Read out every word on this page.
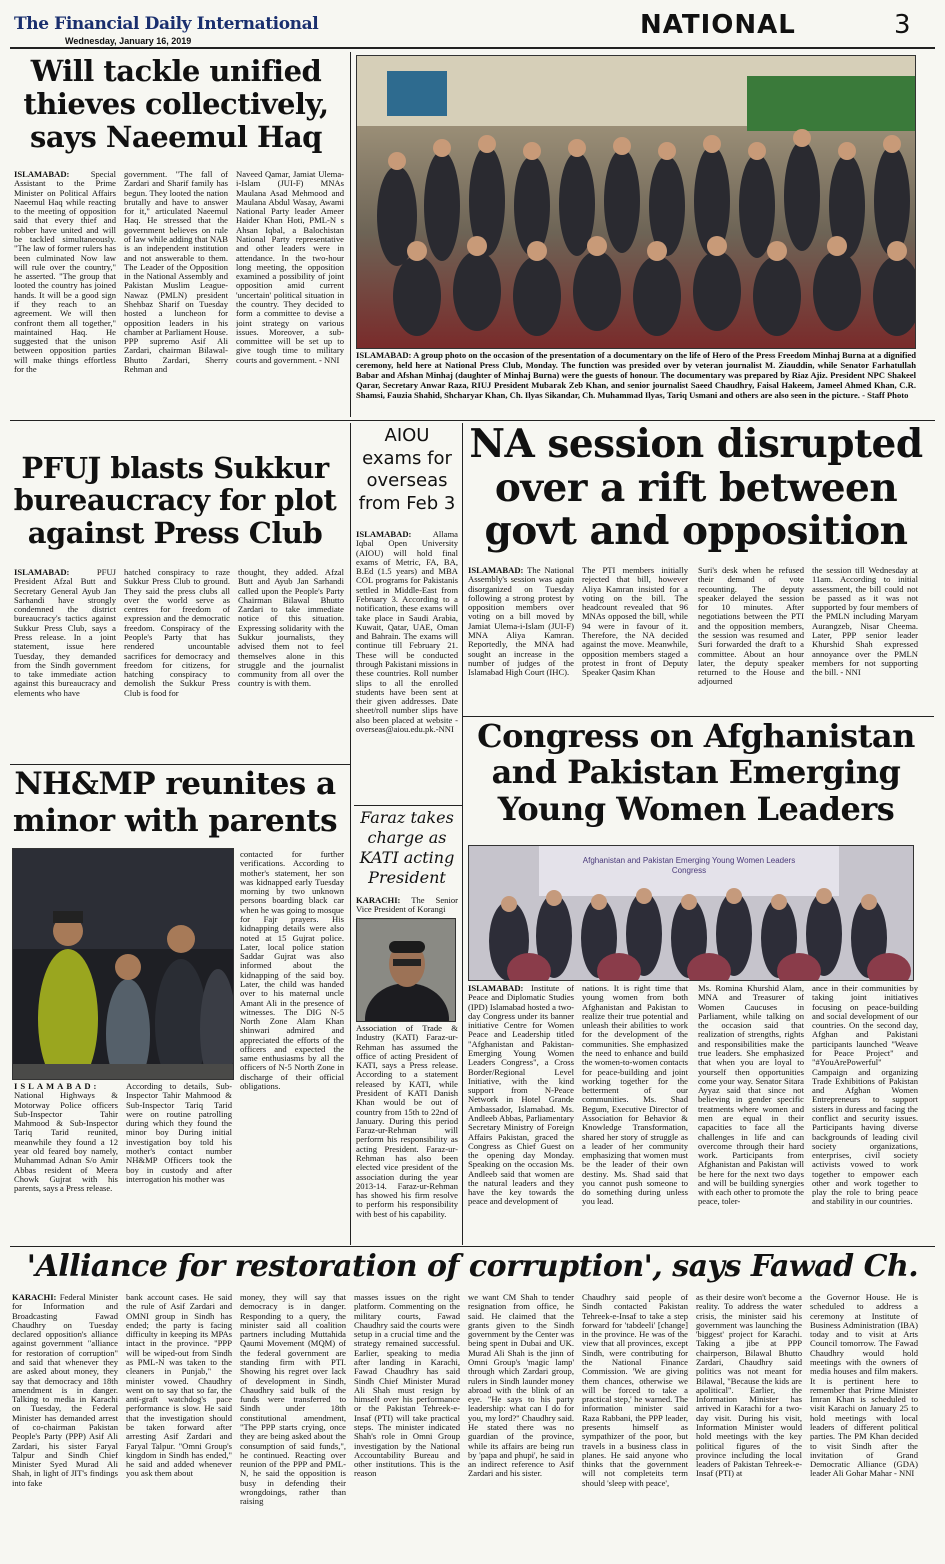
The Financial Daily International
Wednesday, January 16, 2019
NATIONAL	3
Will tackle unified thieves collectively, says Naeemul Haq
ISLAMABAD: Special Assistant to the Prime Minister on Political Affairs Naeemul Haq while reacting to the meeting of opposition said that every thief and robber have united and will be tackled simultaneously. "The law of former rulers has been culminated Now law will rule over the country," he asserted. "The group that looted the country has joined hands. It will be a good sign if they reach to an agreement. We will then confront them all together," maintained Haq. He suggested that the unison between opposition parties will make things effortless for the
government. "The fall of Zardari and Sharif family has begun. They looted the nation brutally and have to answer for it," articulated Naeemul Haq. He stressed that the government believes on rule of law while adding that NAB is an independent institution and not answerable to them. The Leader of the Opposition in the National Assembly and Pakistan Muslim League-Nawaz (PMLN) president Shehbaz Sharif on Tuesday hosted a luncheon for opposition leaders in his chamber at Parliament House. PPP supremo Asif Ali Zardari, chairman Bilawal-Bhutto Zardari, Sherry Rehman and
Naveed Qamar, Jamiat Ulema-i-Islam (JUI-F) MNAs Maulana Asad Mehmood and Maulana Abdul Wasay, Awami National Party leader Ameer Haider Khan Hoti, PML-N s Ahsan Iqbal, a Balochistan National Party representative and other leaders were in attendance. In the two-hour long meeting, the opposition examined a possibility of joint opposition amid current 'uncertain' political situation in the country. They decided to form a committee to devise a joint strategy on various issues. Moreover, a sub-committee will be set up to give tough time to military courts and government. - NNI	ISLAMABAD: A group photo on the occasion of the presentation of a documentary on the life of Hero of the Press Freedom Minhaj Burna at a dignified ceremony, held here at National Press Club, Monday. The function was presided over by veteran journalist M. Ziauddin, while Senator Farhatullah Babar and Afshan Minhaj (daughter of Minhaj Burna) were the guests of honour. The documentary was prepared by Riaz Ajiz. President NPC Shakeel Qarar, Secretary Anwar Raza, RIUJ President Mubarak Zeb Khan, and senior journalist Saeed Chaudhry, Faisal Hakeem, Jameel Ahmed Khan, C.R. Shamsi, Fauzia Shahid, Shcharyar Khan, Ch. Ilyas Sikandar, Ch. Muhammad Ilyas, Tariq Usmani and others are also seen in the picture. - Staff Photo
PFUJ blasts Sukkur bureaucracy for plot against Press Club
ISLAMABAD: PFUJ President Afzal Butt and Secretary General Ayub Jan Sarhandi have strongly condemned the district bureaucracy's tactics against Sukkur Press Club, says a Press release. In a joint statement, issue here Tuesday, they demanded from the Sindh government to take immediate action against this bureaucracy and elements who have
hatched conspiracy to raze Sukkur Press Club to ground. They said the press clubs all over the world serve as centres for freedom of expression and the democratic freedom. Conspiracy of the People's Party that has rendered uncountable sacrifices for democracy and freedom for citizens, for hatching conspiracy to demolish the Sukkur Press Club is food for
thought, they added. Afzal Butt and Ayub Jan Sarhandi called upon the People's Party Chairman Bilawal Bhutto Zardari to take immediate notice of this situation. Expressing solidarity with the Sukkur journalists, they advised them not to feel themselves alone in this struggle and the journalist community from all over the country is with them.
AIOU exams for overseas from Feb 3
ISLAMABAD: Allama Iqbal Open University (AIOU) will hold final exams of Metric, FA, BA, B.Ed (1.5 years) and MBA COL programs for Pakistanis settled in Middle-East from February 3. According to a notification, these exams will take place in Saudi Arabia, Kuwait, Qatar, UAE, Oman and Bahrain. The exams will continue till February 21. These will be conducted through Pakistani missions in these countries. Roll number slips to all the enrolled students have been sent at their given addresses. Date sheet/roll number slips have also been placed at website - overseas@aiou.edu.pk.-NNI
NA session disrupted over a rift between govt and opposition
ISLAMABAD: The National Assembly's session was again disorganized on Tuesday following a strong protest by opposition members over voting on a bill moved by Jamiat Ulema-i-Islam (JUI-F) MNA Aliya Kamran. Reportedly, the MNA had sought an increase in the number of judges of the Islamabad High Court (IHC).
The PTI members initially rejected that bill, however Aliya Kamran insisted for a voting on the bill. The headcount revealed that 96 MNAs opposed the bill, while 94 were in favour of it. Therefore, the NA decided against the move. Meanwhile, opposition members staged a protest in front of Deputy Speaker Qasim Khan
Suri's desk when he refused their demand of vote recounting. The deputy speaker delayed the session for 10 minutes. After negotiations between the PTI and the opposition members, the session was resumed and Suri forwarded the draft to a committee. About an hour later, the deputy speaker returned to the House and adjourned
the session till Wednesday at 11am. According to initial assessment, the bill could not be passed as it was not supported by four members of the PMLN including Maryam Aurangzeb, Nisar Cheema. Later, PPP senior leader Khurshid Shah expressed annoyance over the PMLN members for not supporting the bill. - NNI
NH&MP reunites a minor with parents
ISLAMABAD: National Highways & Motorway Police officers Sub-Inspector Tahir Mahmood & Sub-Inspector Tariq Tarid reunited, meanwhile they found a 12 year old feared boy namely, Muhammad Adnan S/o Amir Abbas resident of Meera Chowk Gujrat with his parents, says a Press release.
According to details, Sub-Inspector Tahir Mahmood & Sub-Inspector Tariq Tarid were on routine patrolling during which they found the minor boy During initial investigation boy told his mother's contact number NH&MP Officers took the boy in custody and after interrogation his mother was
contacted for further verifications. According to mother's statement, her son was kidnapped early Tuesday morning by two unknown persons boarding black car when he was going to mosque for Fajr prayers. His kidnapping details were also noted at 15 Gujrat police. Later, local police station Saddar Gujrat was also informed about the kidnapping of the said boy. Later, the child was handed over to his maternal uncle Amant Ali in the presence of witnesses. The DIG N-5 North Zone Alam Khan shinwari admired and appreciated the efforts of the officers and expected the same enthusiasms by all the officers of N-5 North Zone in discharge of their official obligations.
Faraz takes charge as KATI acting President
KARACHI: The Senior Vice President of Korangi
Association of Trade & Industry (KATI) Faraz-ur-Rehman has assumed the office of acting President of KATI, says a Press release. According to a statement released by KATI, while President of KATI Danish Khan would be out of country from 15th to 22nd of January. During this period Faraz-ur-Rehman will perform his responsibility as acting President. Faraz-ur-Rehman has also been elected vice president of the association during the year 2013-14. Faraz-ur-Rehman has showed his firm resolve to perform his responsibility with best of his capability.
Congress on Afghanistan and Pakistan Emerging Young Women Leaders
Afghanistan and Pakistan Emerging Young Women Leaders Congress
ISLAMABAD: Institute of Peace and Diplomatic Studies (IPD) Islamabad hosted a two-day Congress under its banner initiative Centre for Women Peace and Leadership titled "Afghanistan and Pakistan-Emerging Young Women Leaders Congress", a Cross Border/Regional Level Initiative, with the kind support from N-Peace Network in Hotel Grande Ambassador, Islamabad. Ms. Andleeb Abbas, Parliamentary Secretary Ministry of Foreign Affairs Pakistan, graced the Congress as Chief Guest on the opening day Monday. Speaking on the occasion Ms. Andleeb said that women are the natural leaders and they have the key towards the peace and development of
nations. It is right time that young women from both Afghanistan and Pakistan to realize their true potential and unleash their abilities to work for the development of the communities. She emphasized the need to enhance and build the women-to-women contacts for peace-building and joint working together for the betterment of our communities. Ms. Shad Begum, Executive Director of Association for Behavior & Knowledge Transformation, shared her story of struggle as a leader of her community emphasizing that women must be the leader of their own destiny. Ms. Shad said that you cannot push someone to do something during unless you lead.
Ms. Romina Khurshid Alam, MNA and Treasurer of Women Caucuses in Parliament, while talking on the occasion said that realization of strengths, rights and responsibilities make the true leaders. She emphasized that when you are loyal to yourself then opportunities come your way. Senator Sitara Ayyaz said that since not believing in gender specific treatments where women and men are equal in their capacities to face all the challenges in life and can overcome through their hard work. Participants from Afghanistan and Pakistan will be here for the next two days and will be building synergies with each other to promote the peace, toler-
ance in their communities by taking joint initiatives focusing on peace-building and social development of our countries. On the second day, Afghan and Pakistani participants launched "Weave for Peace Project" and "#YouArePowerful" Campaign and organizing Trade Exhibitions of Pakistan and Afghan Women Entrepreneurs to support sisters in duress and facing the conflict and security issues. Participants having diverse backgrounds of leading civil society organizations, enterprises, civil society activists vowed to work together to empower each other and work together to play the role to bring peace and stability in our countries.
'Alliance for restoration of corruption', says Fawad Ch.
KARACHI: Federal Minister for Information and Broadcasting Fawad Chaudhry on Tuesday declared opposition's alliance against government "alliance for restoration of corruption" and said that whenever they are asked about money, they say that democracy and 18th amendment is in danger. Talking to media in Karachi on Tuesday, the Federal Minister has demanded arrest of co-chairman Pakistan People's Party (PPP) Asif Ali Zardari, his sister Faryal Talpur and Sindh Chief Minister Syed Murad Ali Shah, in light of JIT's findings into fake
bank account cases. He said the rule of Asif Zardari and OMNI group in Sindh has ended; the party is facing difficulty in keeping its MPAs intact in the province. "PPP will be wiped-out from Sindh as PML-N was taken to the cleaners in Punjab," the minister vowed. Chaudhry went on to say that so far, the anti-graft watchdog's pace performance is slow. He said that the investigation should be taken forward after arresting Asif Zardari and Faryal Talpur. "Omni Group's kingdom in Sindh has ended," he said and added whenever you ask them about
money, they will say that democracy is in danger. Responding to a query, the minister said all coalition partners including Muttahida Qaumi Movement (MQM) of the federal government are standing firm with PTI. Showing his regret over lack of development in Sindh, Chaudhry said bulk of the funds were transferred to Sindh under 18th constitutional amendment, "The PPP starts crying, once they are being asked about the consumption of said funds,", he continued. Reacting over reunion of the PPP and PML-N, he said the opposition is busy in defending their wrongdoings, rather than raising
masses issues on the right platform. Commenting on the military courts, Fawad Chaudhry said the courts were setup in a crucial time and the strategy remained successful. Earlier, speaking to media after landing in Karachi, Fawad Chaudhry has said Sindh Chief Minister Murad Ali Shah must resign by himself over his performance or the Pakistan Tehreek-e-Insaf (PTI) will take practical steps. The minister indicated Shah's role in Omni Group investigation by the National Accountability Bureau and other institutions. This is the reason
we want CM Shah to tender resignation from office, he said. He claimed that the grants given to the Sindh government by the Center was being spent in Dubai and UK. Murad Ali Shah is the jinn of Omni Group's 'magic lamp' through which Zardari group, rulers in Sindh launder money abroad with the blink of an eye. "He says to his party leadership: what can I do for you, my lord?" Chaudhry said. He stated there was no guardian of the province, while its affairs are being run by 'papa and phupi', he said in an indirect reference to Asif Zardari and his sister.
Chaudhry said people of Sindh contacted Pakistan Tehreek-e-Insaf to take a step forward for 'tabdeeli' [change] in the province. He was of the view that all provinces, except Sindh, were contributing for the National Finance Commission. 'We are giving them chances, otherwise we will be forced to take a practical step,' he warned. The information minister said Raza Rabbani, the PPP leader, presents himself as sympathizer of the poor, but travels in a business class in planes. He said anyone who thinks that the government will not completeits term should 'sleep with peace',
as their desire won't become a reality. To address the water crisis, the minister said his government was launching the 'biggest' project for Karachi. Taking a jibe at PPP chairperson, Bilawal Bhutto Zardari, Chaudhry said politics was not meant for Bilawal, "Because the kids are apolitical". Earlier, the Information Minister has arrived in Karachi for a two-day visit. During his visit, Information Minister would hold meetings with the key political figures of the province including the local leaders of Pakistan Tehreek-e-Insaf (PTI) at
the Governor House. He is scheduled to address a ceremony at Institute of Business Administration (IBA) today and to visit at Arts Council tomorrow. The Fawad Chaudhry would hold meetings with the owners of media houses and film makers. It is pertinent here to remember that Prime Minister Imran Khan is scheduled to visit Karachi on January 25 to hold meetings with local leaders of different political parties. The PM Khan decided to visit Sindh after the invitation of Grand Democratic Alliance (GDA) leader Ali Gohar Mahar - NNI
